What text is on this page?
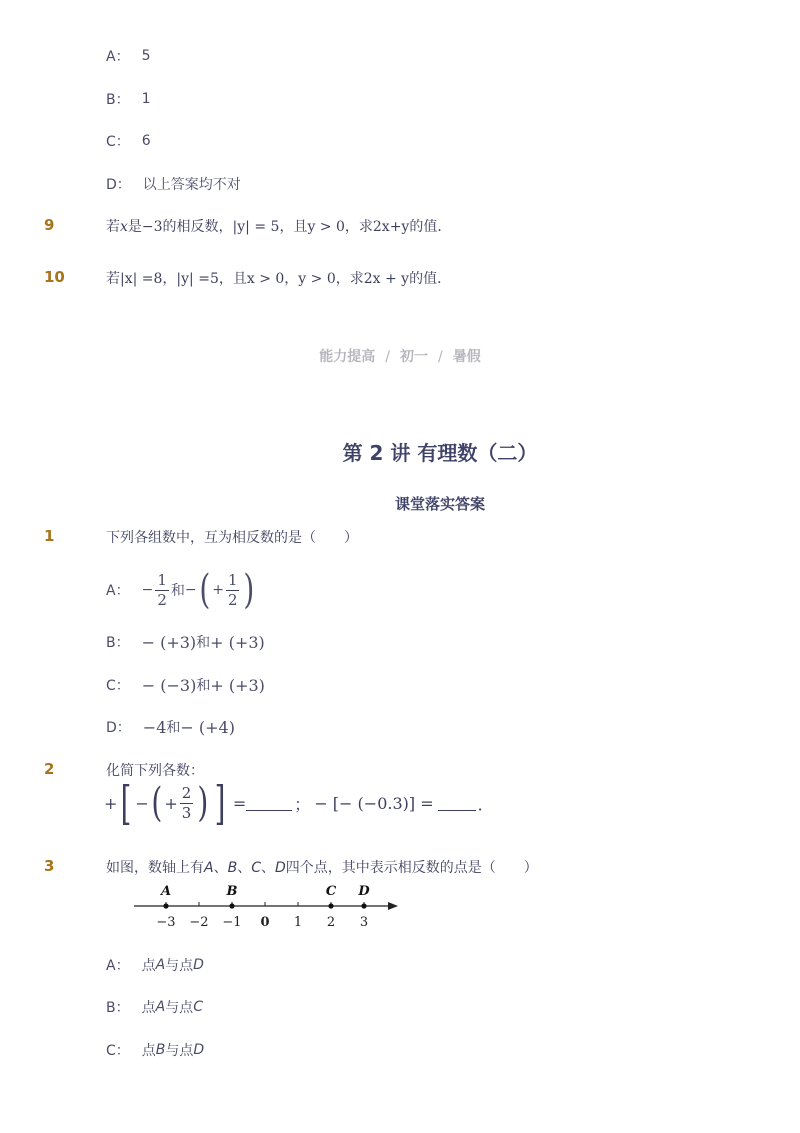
A： 5
B： 1
C： 6
D： 以上答案均不对
9	若x是−3的相反数，|y| = 5，且y > 0，求2x+y的值．
10	若|x| =8，|y| =5，且x > 0，y > 0，求2x + y的值．
能力提高 / 初一 / 暑假
第 2 讲 有理数（二）
课堂落实答案
1	下列各组数中，互为相反数的是（　　）
A： − $\frac{1}{2}$ 和 − ( + $\frac{1}{2}$ )
B： − (+3) 和 + (+3)
C： − (−3) 和 + (+3)
D： −4 和 − (+4)
2	化简下列各数：
+ [ − ( + $\frac{2}{3}$ ) ] =	； − [− (−0.3)] =	．
3	如图，数轴上有A、B、C、D四个点，其中表示相反数的点是（　　）
−3 −2 −1 0 1 2 3
A	B	C D
A： 点 A 与点 D
B： 点 A 与点 C
C： 点 B 与点 D
